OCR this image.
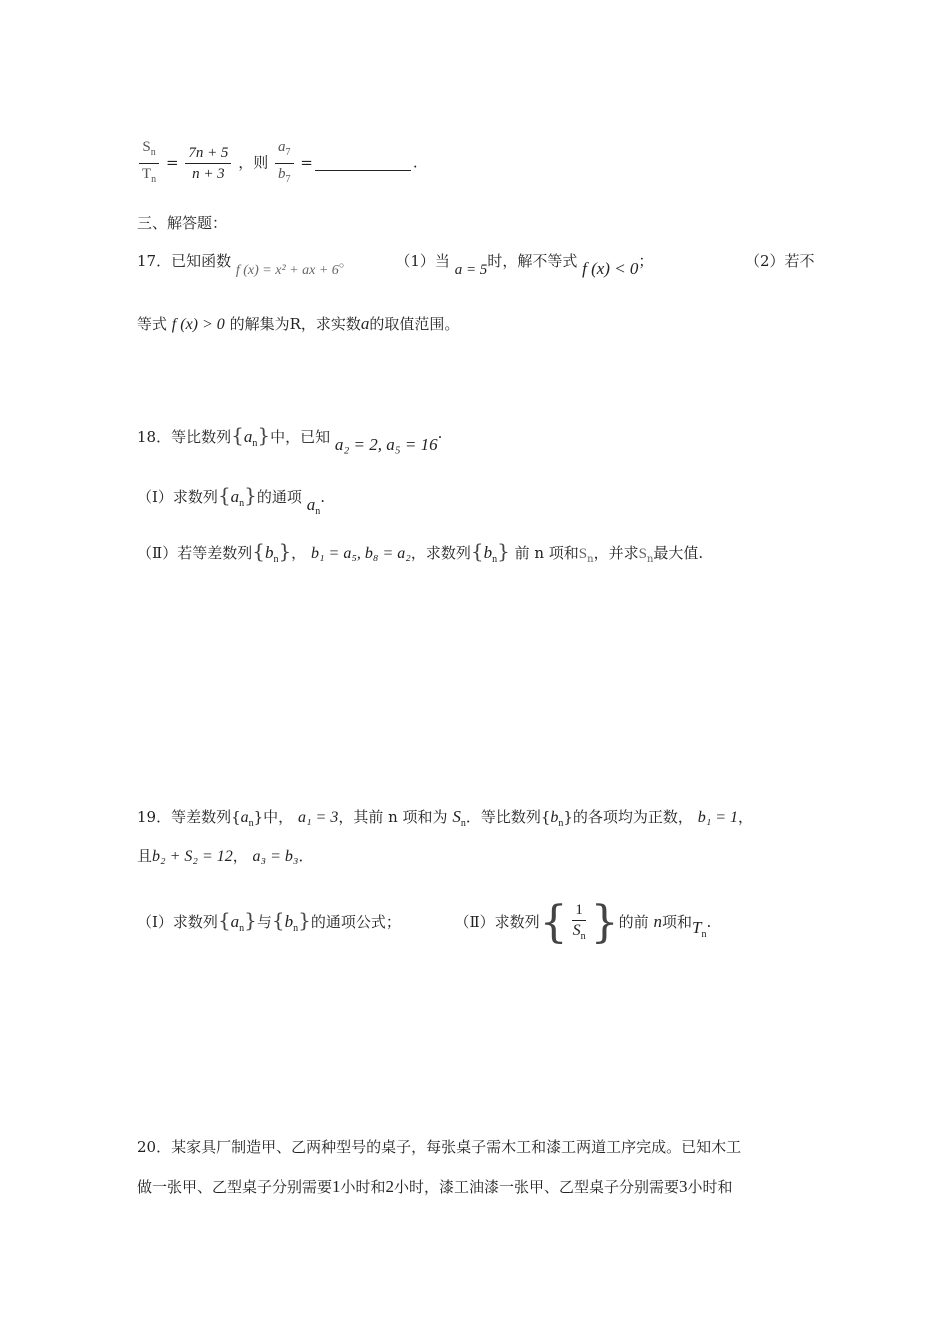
$\frac{S_n}{T_n} = \frac{7n + 5}{n + 3}$ ，则 $\frac{a_7}{b_7}$ =	.
三、解答题：
17．已知函数 f (x) = x² + ax + 6。	（1）当 a = 5时，解不等式 f (x) < 0；	（2）若不
等式 f (x) > 0 的解集为R，求实数a的取值范围。
18．等比数列$\{a_n\}$中，已知 a₂ = 2, a₅ = 16·
（Ⅰ）求数列$\{a_n\}$的通项 $a_n$.
（Ⅱ）若等差数列$\{b_n\}$， b₁ = a₅, b₈ = a₂，求数列$\{b_n\}$ 前 n 项和$S_n$，并求$S_n$最大值.
19．等差数列$\{a_n\}$中， a₁ = 3，其前 n 项和为 $S_n$．等比数列$\{b_n\}$的各项均为正数， b₁ = 1，
且b₂ + S₂ = 12， a₃ = b₃．
（Ⅰ）求数列$\{a_n\}$与$\{b_n\}$的通项公式；	（Ⅱ）求数列{ $\frac{1}{S_n}$ }的前 n项和$T_n$.
20．某家具厂制造甲、乙两种型号的桌子，每张桌子需木工和漆工两道工序完成。已知木工
做一张甲、乙型桌子分别需要1小时和2小时，漆工油漆一张甲、乙型桌子分别需要3小时和
